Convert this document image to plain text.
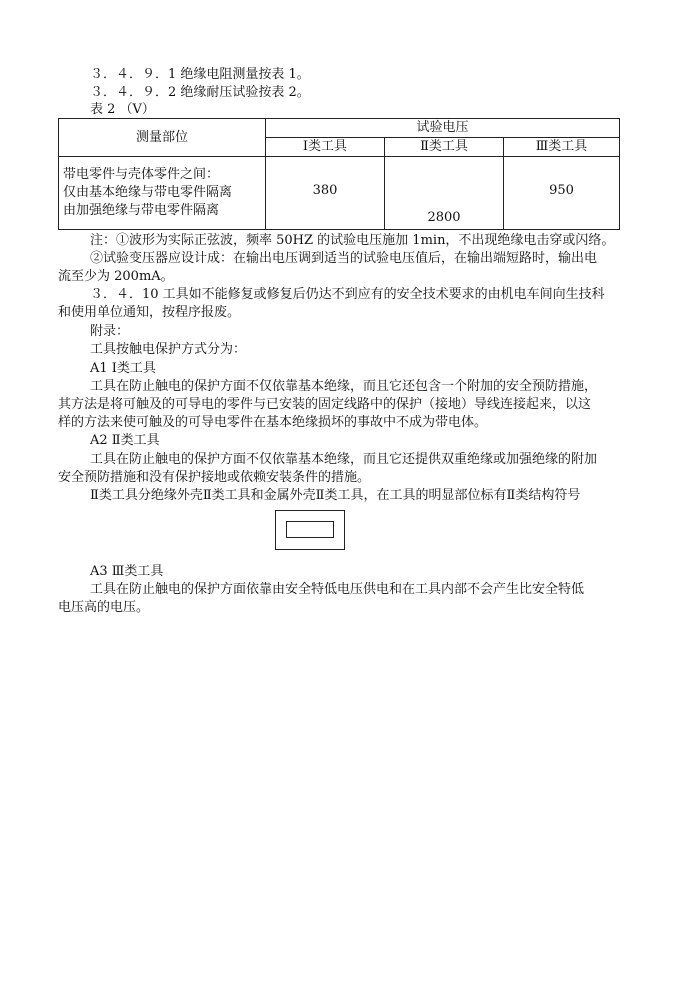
３．４．９．1 绝缘电阻测量按表 1。
３．４．９．2 绝缘耐压试验按表 2。
表 2 （V）
测量部位	试验电压		
	Ⅰ类工具	Ⅱ类工具	Ⅲ类工具

带电零件与壳体零件之间：
仅由基本绝缘与带电零件隔离
由加强绝缘与带电零件隔离	380	2800	950
注：①波形为实际正弦波，频率 50HZ 的试验电压施加 1min，不出现绝缘电击穿或闪络。
②试验变压器应设计成：在输出电压调到适当的试验电压值后，在输出端短路时，输出电
流至少为 200mA。
３．４．10 工具如不能修复或修复后仍达不到应有的安全技术要求的由机电车间向生技科
和使用单位通知，按程序报废。
附录：
工具按触电保护方式分为：
A1 Ⅰ类工具
工具在防止触电的保护方面不仅依靠基本绝缘，而且它还包含一个附加的安全预防措施，
其方法是将可触及的可导电的零件与已安装的固定线路中的保护（接地）导线连接起来，以这
样的方法来使可触及的可导电零件在基本绝缘损坏的事故中不成为带电体。
A2 Ⅱ类工具
工具在防止触电的保护方面不仅依靠基本绝缘，而且它还提供双重绝缘或加强绝缘的附加
安全预防措施和没有保护接地或依赖安装条件的措施。
Ⅱ类工具分绝缘外壳Ⅱ类工具和金属外壳Ⅱ类工具，在工具的明显部位标有Ⅱ类结构符号
A3 Ⅲ类工具
工具在防止触电的保护方面依靠由安全特低电压供电和在工具内部不会产生比安全特低
电压高的电压。
